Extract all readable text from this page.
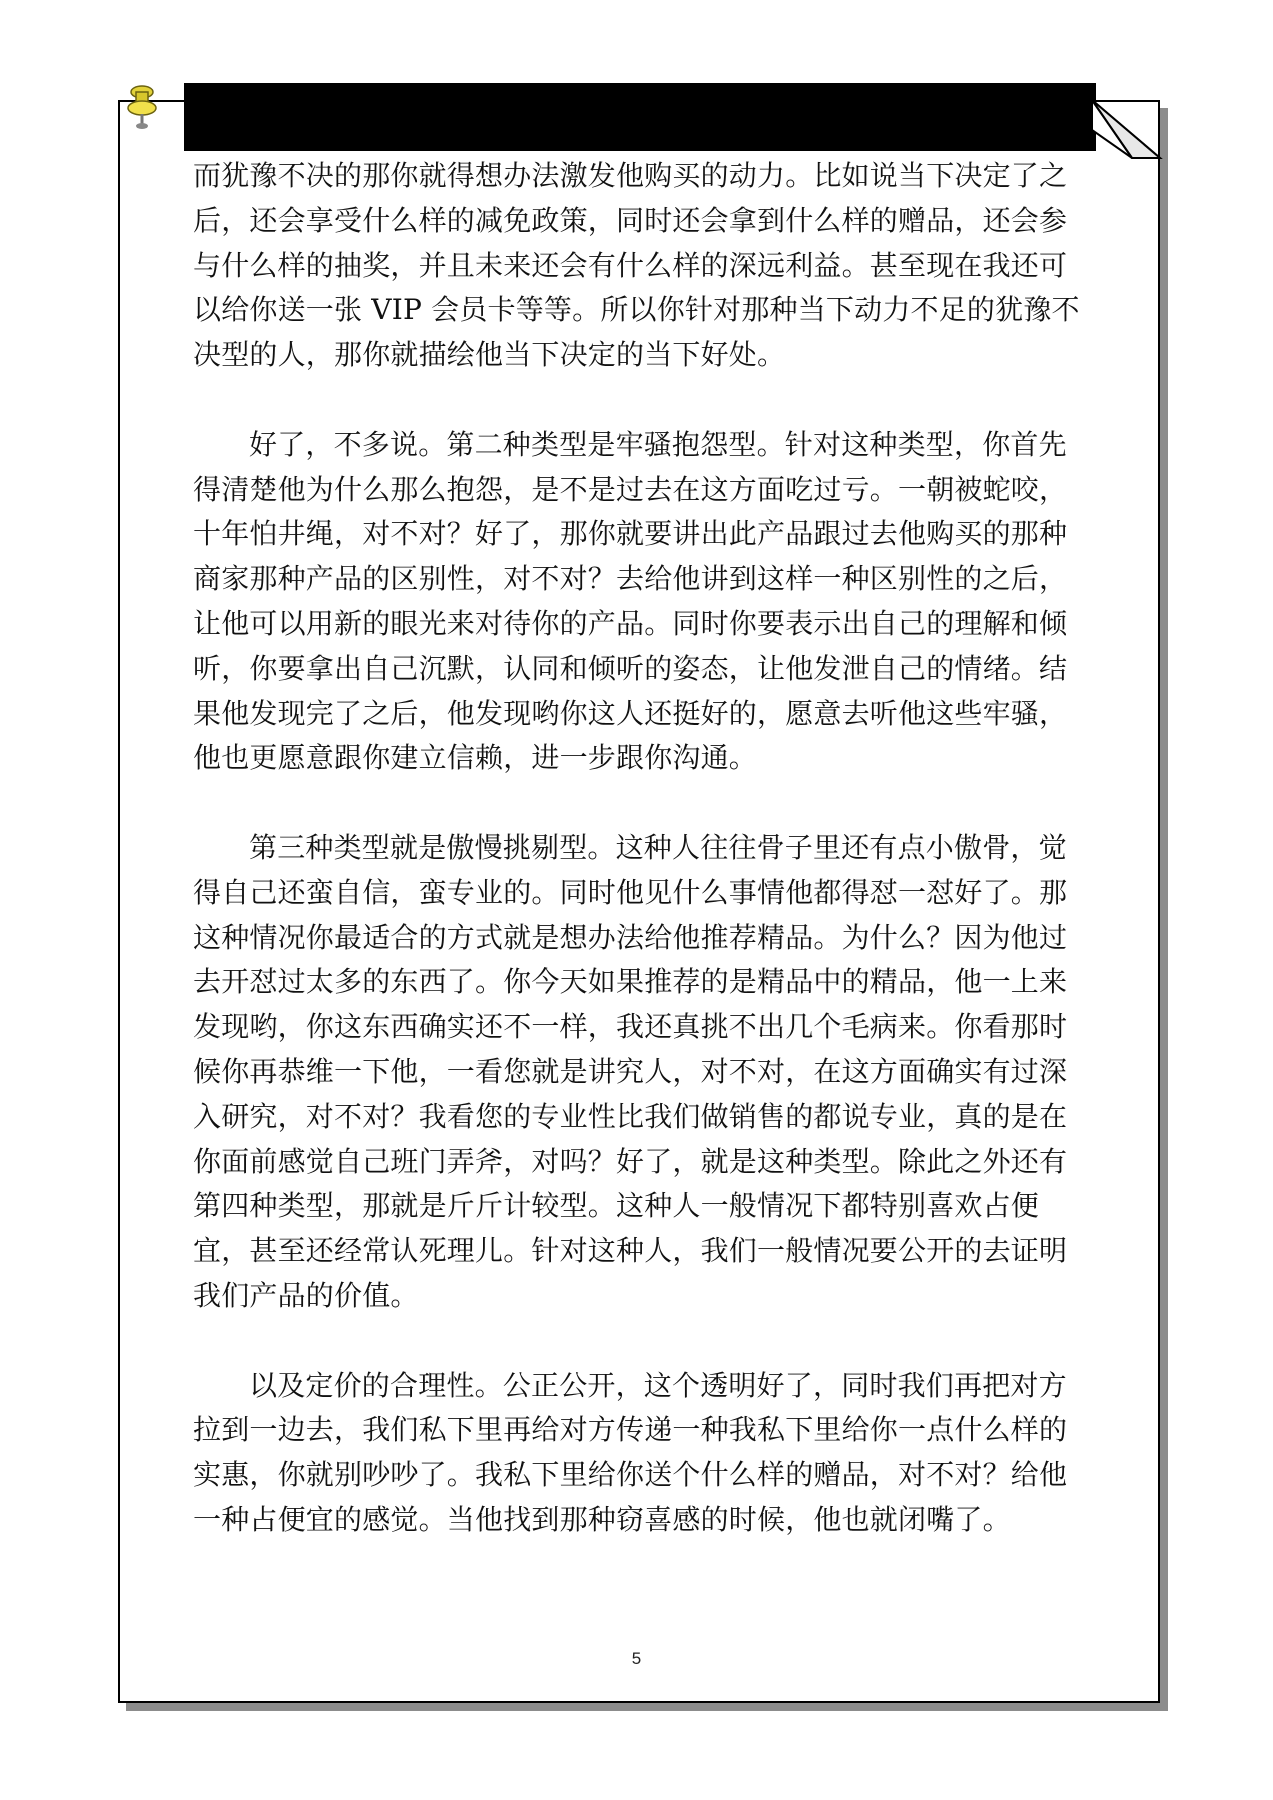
而犹豫不决的那你就得想办法激发他购买的动力。比如说当下决定了之后，还会享受什么样的减免政策，同时还会拿到什么样的赠品，还会参与什么样的抽奖，并且未来还会有什么样的深远利益。甚至现在我还可以给你送一张 VIP 会员卡等等。所以你针对那种当下动力不足的犹豫不决型的人，那你就描绘他当下决定的当下好处。

好了，不多说。第二种类型是牢骚抱怨型。针对这种类型，你首先得清楚他为什么那么抱怨，是不是过去在这方面吃过亏。一朝被蛇咬，十年怕井绳，对不对？好了，那你就要讲出此产品跟过去他购买的那种商家那种产品的区别性，对不对？去给他讲到这样一种区别性的之后，让他可以用新的眼光来对待你的产品。同时你要表示出自己的理解和倾听，你要拿出自己沉默，认同和倾听的姿态，让他发泄自己的情绪。结果他发现完了之后，他发现哟你这人还挺好的，愿意去听他这些牢骚，他也更愿意跟你建立信赖，进一步跟你沟通。

第三种类型就是傲慢挑剔型。这种人往往骨子里还有点小傲骨，觉得自己还蛮自信，蛮专业的。同时他见什么事情他都得怼一怼好了。那这种情况你最适合的方式就是想办法给他推荐精品。为什么？因为他过去开怼过太多的东西了。你今天如果推荐的是精品中的精品，他一上来发现哟，你这东西确实还不一样，我还真挑不出几个毛病来。你看那时候你再恭维一下他，一看您就是讲究人，对不对，在这方面确实有过深入研究，对不对？我看您的专业性比我们做销售的都说专业，真的是在你面前感觉自己班门弄斧，对吗？好了，就是这种类型。除此之外还有第四种类型，那就是斤斤计较型。这种人一般情况下都特别喜欢占便宜，甚至还经常认死理儿。针对这种人，我们一般情况要公开的去证明我们产品的价值。

以及定价的合理性。公正公开，这个透明好了，同时我们再把对方拉到一边去，我们私下里再给对方传递一种我私下里给你一点什么样的实惠，你就别吵吵了。我私下里给你送个什么样的赠品，对不对？给他一种占便宜的感觉。当他找到那种窃喜感的时候，他也就闭嘴了。

5
